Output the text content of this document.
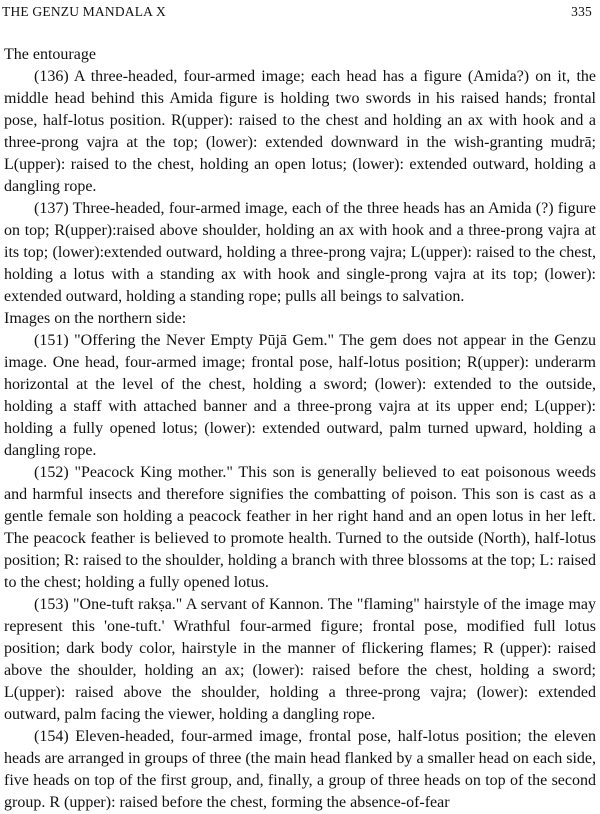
THE GENZU MANDALA X	335

The entourage

(136) A three-headed, four-armed image; each head has a figure (Amida?) on it, the middle head behind this Amida figure is holding two swords in his raised hands; frontal pose, half-lotus position. R(upper): raised to the chest and holding an ax with hook and a three-prong vajra at the top; (lower): extended downward in the wish-granting mudrā; L(upper): raised to the chest, holding an open lotus; (lower): extended outward, holding a dangling rope.

(137) Three-headed, four-armed image, each of the three heads has an Amida (?) figure on top; R(upper):raised above shoulder, holding an ax with hook and a three-prong vajra at its top; (lower):extended outward, holding a three-prong vajra; L(upper): raised to the chest, holding a lotus with a standing ax with hook and single-prong vajra at its top; (lower): extended outward, holding a standing rope; pulls all beings to salvation.

Images on the northern side:

(151) "Offering the Never Empty Pūjā Gem." The gem does not appear in the Genzu image. One head, four-armed image; frontal pose, half-lotus position; R(upper): underarm horizontal at the level of the chest, holding a sword; (lower): extended to the outside, holding a staff with attached banner and a three-prong vajra at its upper end; L(upper): holding a fully opened lotus; (lower): extended outward, palm turned upward, holding a dangling rope.

(152) "Peacock King mother." This son is generally believed to eat poisonous weeds and harmful insects and therefore signifies the combatting of poison. This son is cast as a gentle female son holding a peacock feather in her right hand and an open lotus in her left. The peacock feather is believed to promote health. Turned to the outside (North), half-lotus position; R: raised to the shoulder, holding a branch with three blossoms at the top; L: raised to the chest; holding a fully opened lotus.

(153) "One-tuft rakṣa." A servant of Kannon. The "flaming" hairstyle of the image may represent this 'one-tuft.' Wrathful four-armed figure; frontal pose, modified full lotus position; dark body color, hairstyle in the manner of flickering flames; R (upper): raised above the shoulder, holding an ax; (lower): raised before the chest, holding a sword; L(upper): raised above the shoulder, holding a three-prong vajra; (lower): extended outward, palm facing the viewer, holding a dangling rope.

(154) Eleven-headed, four-armed image, frontal pose, half-lotus position; the eleven heads are arranged in groups of three (the main head flanked by a smaller head on each side, five heads on top of the first group, and, finally, a group of three heads on top of the second group. R (upper): raised before the chest, forming the absence-of-fear
